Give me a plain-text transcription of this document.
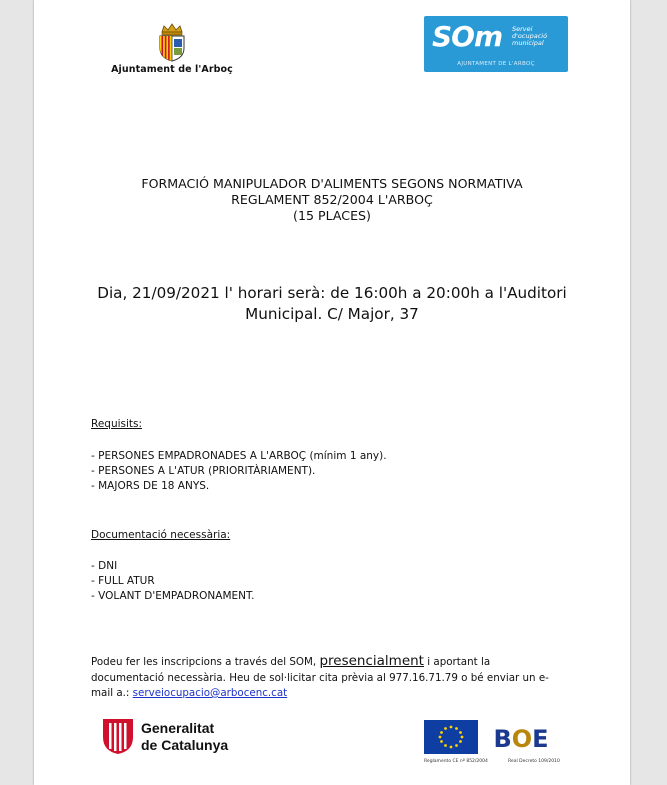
Ajuntament de l'Arboç
SOm Servei d'ocupació municipal
AJUNTAMENT DE L'ARBOÇ
FORMACIÓ MANIPULADOR D'ALIMENTS SEGONS NORMATIVA
REGLAMENT 852/2004 L'ARBOÇ
(15 PLACES)
Dia, 21/09/2021 l' horari serà: de 16:00h a 20:00h a l'Auditori
Municipal. C/ Major, 37
Requisits:
- PERSONES EMPADRONADES A L'ARBOÇ (mínim 1 any).
- PERSONES A L'ATUR (PRIORITÀRIAMENT).
- MAJORS DE 18 ANYS.
Documentació necessària:
- DNI
- FULL ATUR
- VOLANT D'EMPADRONAMENT.
Podeu fer les inscripcions a través del SOM, presencialment i aportant la documentació necessària. Heu de sol·licitar cita prèvia al 977.16.71.79 o bé enviar un e-mail a.: serveiocupacio@arbocenc.cat
Generalitat
de Catalunya	BOE
Reglamento CE nº 852/2004	Real Decreto 109/2010
